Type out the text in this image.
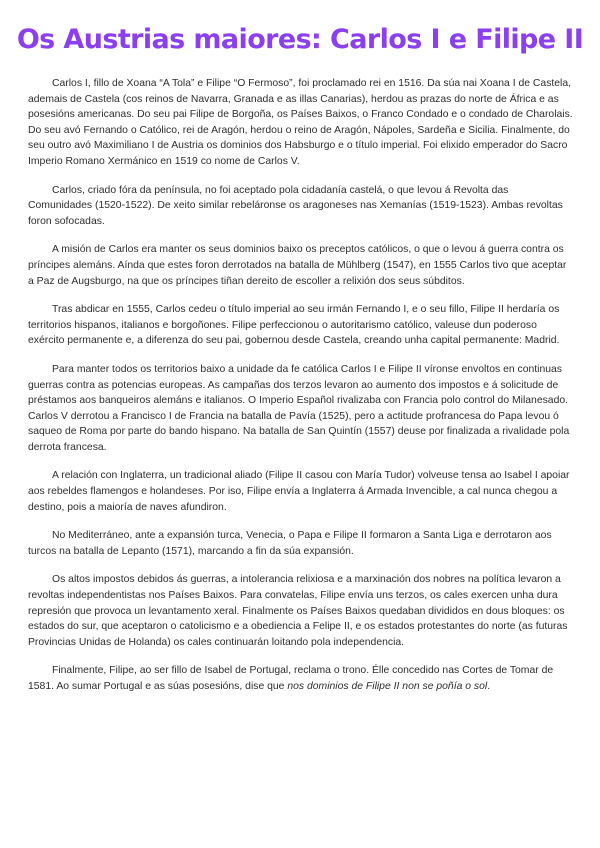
Os Austrias maiores: Carlos I e Filipe II

Carlos I, fillo de Xoana “A Tola” e Filipe “O Fermoso”, foi proclamado rei en 1516. Da súa nai Xoana I de Castela, ademais de Castela (cos reinos de Navarra, Granada e as illas Canarias), herdou as prazas do norte de África e as posesións americanas. Do seu pai Filipe de Borgoña, os Países Baixos, o Franco Condado e o condado de Charolais. Do seu avó Fernando o Católico, rei de Aragón, herdou o reino de Aragón, Nápoles, Sardeña e Sicilia. Finalmente, do seu outro avó Maximiliano I de Austria os dominios dos Habsburgo e o título imperial. Foi elixido emperador do Sacro Imperio Romano Xermánico en 1519 co nome de Carlos V.

Carlos, criado fóra da península, no foi aceptado pola cidadanía castelá, o que levou á Revolta das Comunidades (1520-1522). De xeito similar rebeláronse os aragoneses nas Xemanías (1519-1523). Ambas revoltas foron sofocadas.

A misión de Carlos era manter os seus dominios baixo os preceptos católicos, o que o levou á guerra contra os príncipes alemáns. Aínda que estes foron derrotados na batalla de Mühlberg (1547), en 1555 Carlos tivo que aceptar a Paz de Augsburgo, na que os príncipes tiñan dereito de escoller a relixión dos seus súbditos.

Tras abdicar en 1555, Carlos cedeu o título imperial ao seu irmán Fernando I, e o seu fillo, Filipe II herdaría os territorios hispanos, italianos e borgoñones. Filipe perfeccionou o autoritarismo católico, valeuse dun poderoso exército permanente e, a diferenza do seu pai, gobernou desde Castela, creando unha capital permanente: Madrid.

Para manter todos os territorios baixo a unidade da fe católica Carlos I e Filipe II víronse envoltos en continuas guerras contra as potencias europeas. As campañas dos terzos levaron ao aumento dos impostos e á solicitude de préstamos aos banqueiros alemáns e italianos. O Imperio Español rivalizaba con Francia polo control do Milanesado. Carlos V derrotou a Francisco I de Francia na batalla de Pavía (1525), pero a actitude profrancesa do Papa levou ó saqueo de Roma por parte do bando hispano. Na batalla de San Quintín (1557) deuse por finalizada a rivalidade pola derrota francesa.

A relación con Inglaterra, un tradicional aliado (Filipe II casou con María Tudor) volveuse tensa ao Isabel I apoiar aos rebeldes flamengos e holandeses. Por iso, Filipe envía a Inglaterra á Armada Invencible, a cal nunca chegou a destino, pois a maioría de naves afundiron.

No Mediterráneo, ante a expansión turca, Venecia, o Papa e Filipe II formaron a Santa Liga e derrotaron aos turcos na batalla de Lepanto (1571), marcando a fin da súa expansión.

Os altos impostos debidos ás guerras, a intolerancia relixiosa e a marxinación dos nobres na política levaron a revoltas independentistas nos Países Baixos. Para convatelas, Filipe envía uns terzos, os cales exercen unha dura represión que provoca un levantamento xeral. Finalmente os Países Baixos quedaban divididos en dous bloques: os estados do sur, que aceptaron o catolicismo e a obediencia a Felipe II, e os estados protestantes do norte (as futuras Provincias Unidas de Holanda) os cales continuarán loitando pola independencia.

Finalmente, Filipe, ao ser fillo de Isabel de Portugal, reclama o trono. Élle concedido nas Cortes de Tomar de 1581. Ao sumar Portugal e as súas posesións, dise que nos dominios de Filipe II non se poñía o sol.
